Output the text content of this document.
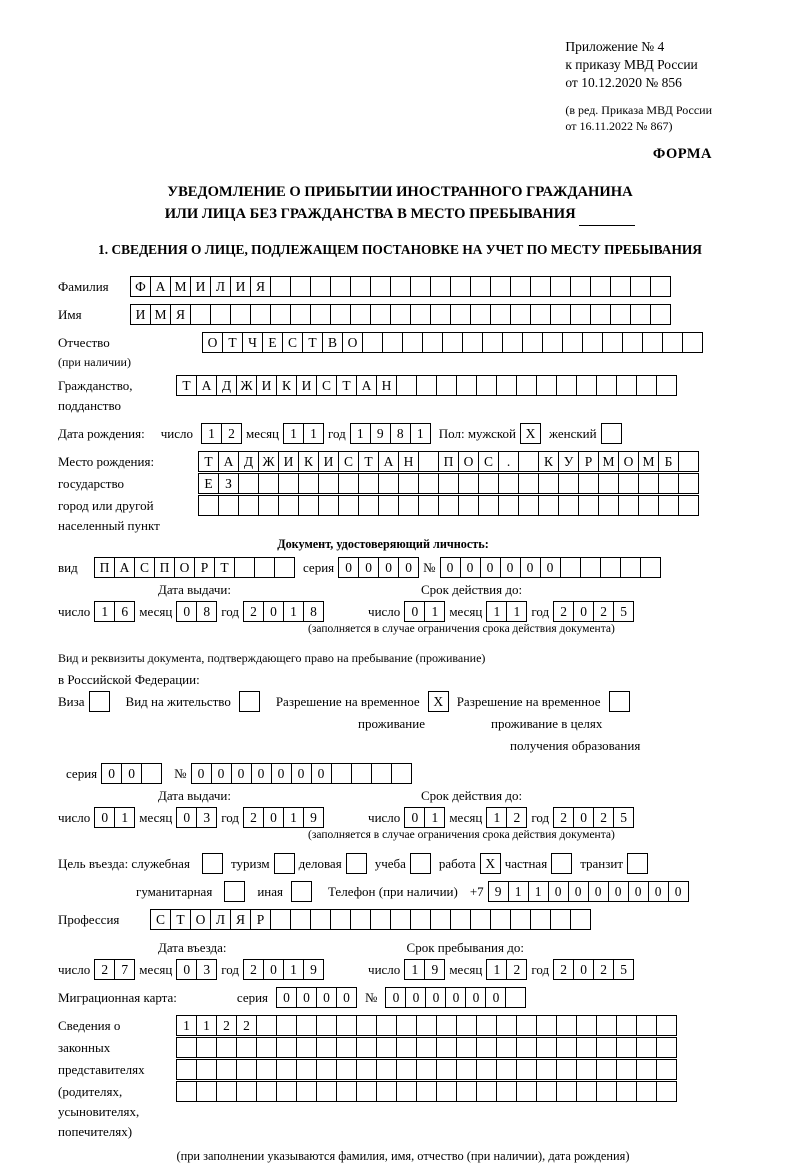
Приложение № 4
к приказу МВД России
от 10.12.2020 № 856
(в ред. Приказа МВД России
от 16.11.2022 № 867)
ФОРМА
УВЕДОМЛЕНИЕ О ПРИБЫТИИ ИНОСТРАННОГО ГРАЖДАНИНА
ИЛИ ЛИЦА БЕЗ ГРАЖДАНСТВА В МЕСТО ПРЕБЫВАНИЯ
1. СВЕДЕНИЯ О ЛИЦЕ, ПОДЛЕЖАЩЕМ ПОСТАНОВКЕ НА УЧЕТ ПО МЕСТУ ПРЕБЫВАНИЯ
Фамилия	Ф А М И Л И Я
Имя	И М Я
Отчество	О Т Ч Е С Т В О
(при наличии)
Гражданство,	Т А Д Ж И К И С Т А Н
подданство
Дата рождения: число	1 2 месяц 1 1 год 1 9 8 1	Пол: мужской X	женский
Место рождения:	Т А Д Ж И К И С Т А Н	П О С	.	К У Р М О М Б
государство	Е З
город или другой
населенный пункт
Документ, удостоверяющий личность:
вид	П А С П О Р Т	серия 0 0 0 0 № 0 0 0 0 0 0
Дата выдачи:	Срок действия до:
число 1 6 месяц 0 8 год 2 0 1 8	число 0 1 месяц 1 1 год 2 0 2 5
(заполняется в случае ограничения срока действия документа)
Вид и реквизиты документа, подтверждающего право на пребывание (проживание)
в Российской Федерации:
Виза	Вид на жительство	Разрешение на временное	X	Разрешение на временное
проживание	проживание в целях
получения образования
серия 0 0	№ 0 0 0 0 0 0 0
Дата выдачи:	Срок действия до:
число 0 1 месяц 0 3 год 2 0 1 9	число 0 1 месяц 1 2 год 2 0 2 5
(заполняется в случае ограничения срока действия документа)
Цель въезда: служебная	туризм деловая	учеба	работа X частная	транзит
гуманитарная	иная	Телефон (при наличии) +7 9 1 1 0 0 0 0 0 0 0
Профессия	С Т О Л Я Р
Дата въезда:	Срок пребывания до:
число 2 7 месяц 0 3 год 2 0 1 9	число 1 9 месяц 1 2 год 2 0 2 5
Миграционная карта:	серия	0 0 0 0	№	0 0 0 0 0 0
Сведения о	1 1 2 2
законных
представителях
(родителях,
усыновителях,
попечителях)
(при заполнении указываются фамилия, имя, отчество (при наличии), дата рождения)
